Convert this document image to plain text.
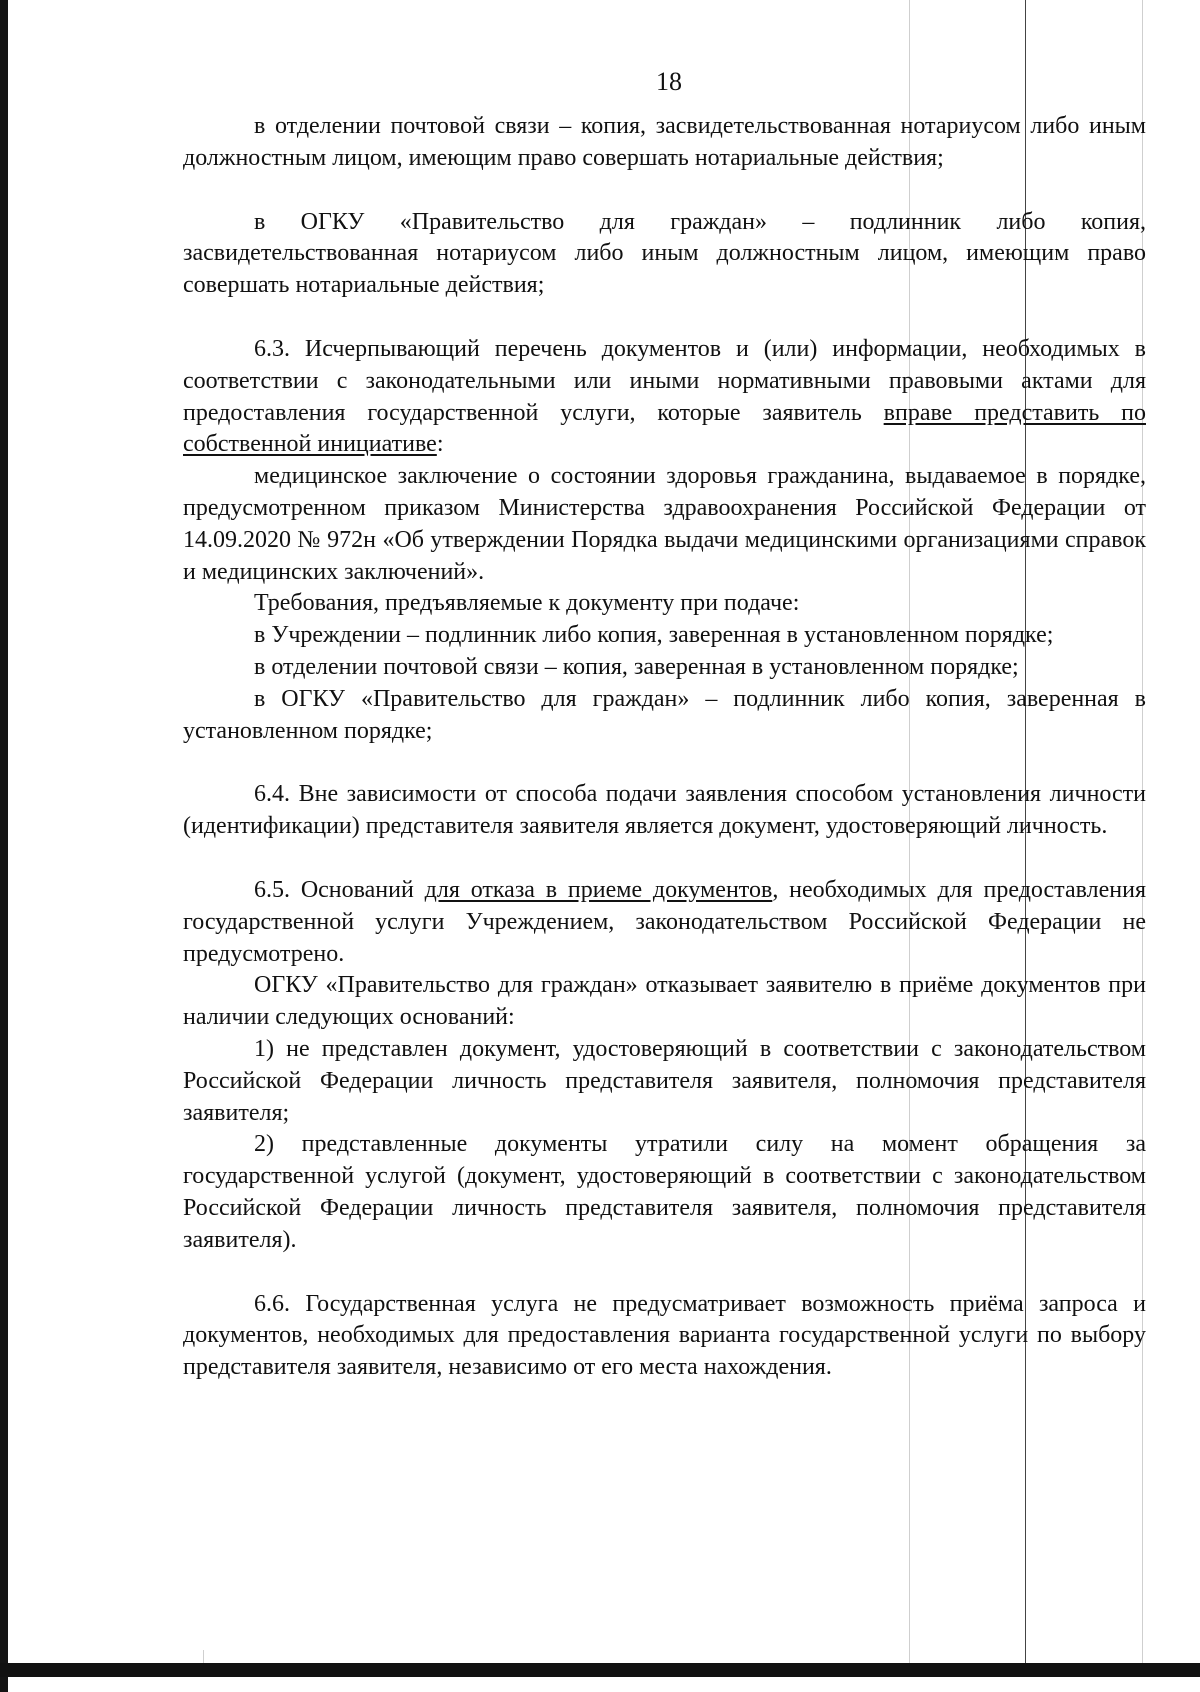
18

в отделении почтовой связи – копия, засвидетельствованная нотариусом либо иным должностным лицом, имеющим право совершать нотариальные действия;

в ОГКУ «Правительство для граждан» – подлинник либо копия, засвидетельствованная нотариусом либо иным должностным лицом, имеющим право совершать нотариальные действия;

6.3. Исчерпывающий перечень документов и (или) информации, необходимых в соответствии с законодательными или иными нормативными правовыми актами для предоставления государственной услуги, которые заявитель вправе представить по собственной инициативе:

медицинское заключение о состоянии здоровья гражданина, выдаваемое в порядке, предусмотренном приказом Министерства здравоохранения Российской Федерации от 14.09.2020 № 972н «Об утверждении Порядка выдачи медицинскими организациями справок и медицинских заключений».

Требования, предъявляемые к документу при подаче:

в Учреждении – подлинник либо копия, заверенная в установленном порядке;

в отделении почтовой связи – копия, заверенная в установленном порядке;

в ОГКУ «Правительство для граждан» – подлинник либо копия, заверенная в установленном порядке;

6.4. Вне зависимости от способа подачи заявления способом установления личности (идентификации) представителя заявителя является документ, удостоверяющий личность.

6.5. Оснований для отказа в приеме документов, необходимых для предоставления государственной услуги Учреждением, законодательством Российской Федерации не предусмотрено.

ОГКУ «Правительство для граждан» отказывает заявителю в приёме документов при наличии следующих оснований:

1) не представлен документ, удостоверяющий в соответствии с законодательством Российской Федерации личность представителя заявителя, полномочия представителя заявителя;

2) представленные документы утратили силу на момент обращения за государственной услугой (документ, удостоверяющий в соответствии с законодательством Российской Федерации личность представителя заявителя, полномочия представителя заявителя).

6.6. Государственная услуга не предусматривает возможность приёма запроса и документов, необходимых для предоставления варианта государственной услуги по выбору представителя заявителя, независимо от его места нахождения.
